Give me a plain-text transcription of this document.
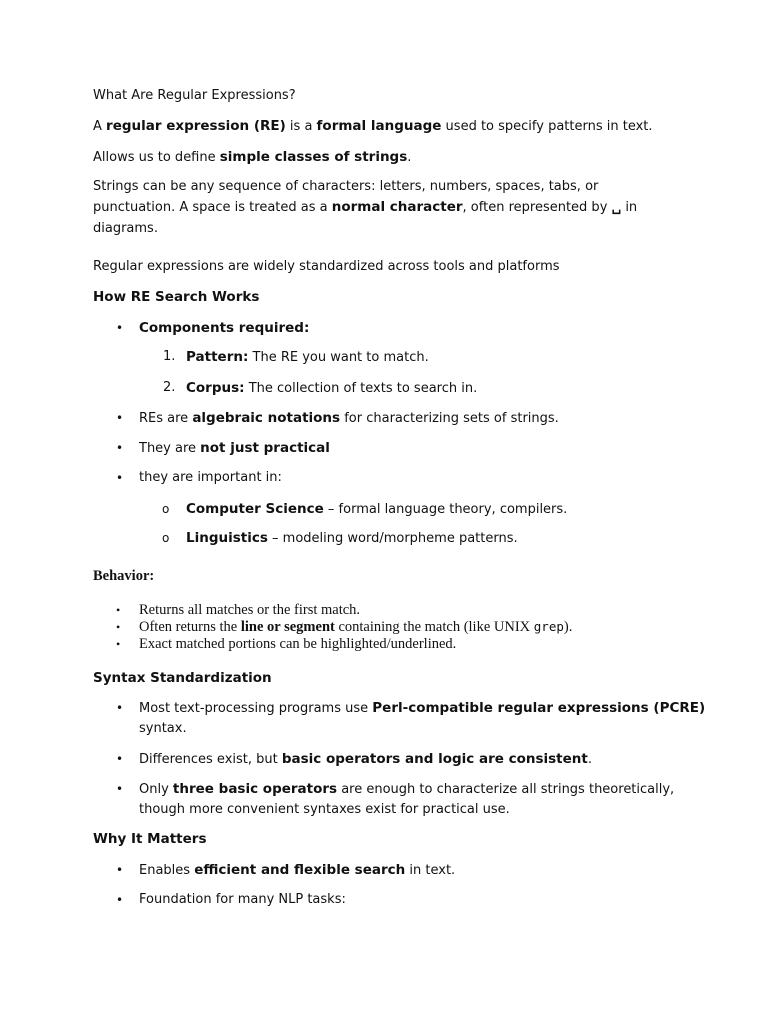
What Are Regular Expressions?
A regular expression (RE) is a formal language used to specify patterns in text.
Allows us to define simple classes of strings.
Strings can be any sequence of characters: letters, numbers, spaces, tabs, or punctuation. A space is treated as a normal character, often represented by ␣ in diagrams.
Regular expressions are widely standardized across tools and platforms
How RE Search Works
• Components required:
1. Pattern: The RE you want to match.
2. Corpus: The collection of texts to search in.
• REs are algebraic notations for characterizing sets of strings.
• They are not just practical
• they are important in:
o Computer Science – formal language theory, compilers.
o Linguistics – modeling word/morpheme patterns.
Behavior:
• Returns all matches or the first match.
• Often returns the line or segment containing the match (like UNIX grep).
• Exact matched portions can be highlighted/underlined.
Syntax Standardization
• Most text-processing programs use Perl-compatible regular expressions (PCRE)
syntax.
• Differences exist, but basic operators and logic are consistent.
• Only three basic operators are enough to characterize all strings theoretically,
though more convenient syntaxes exist for practical use.
Why It Matters
• Enables efficient and flexible search in text.
• Foundation for many NLP tasks:
